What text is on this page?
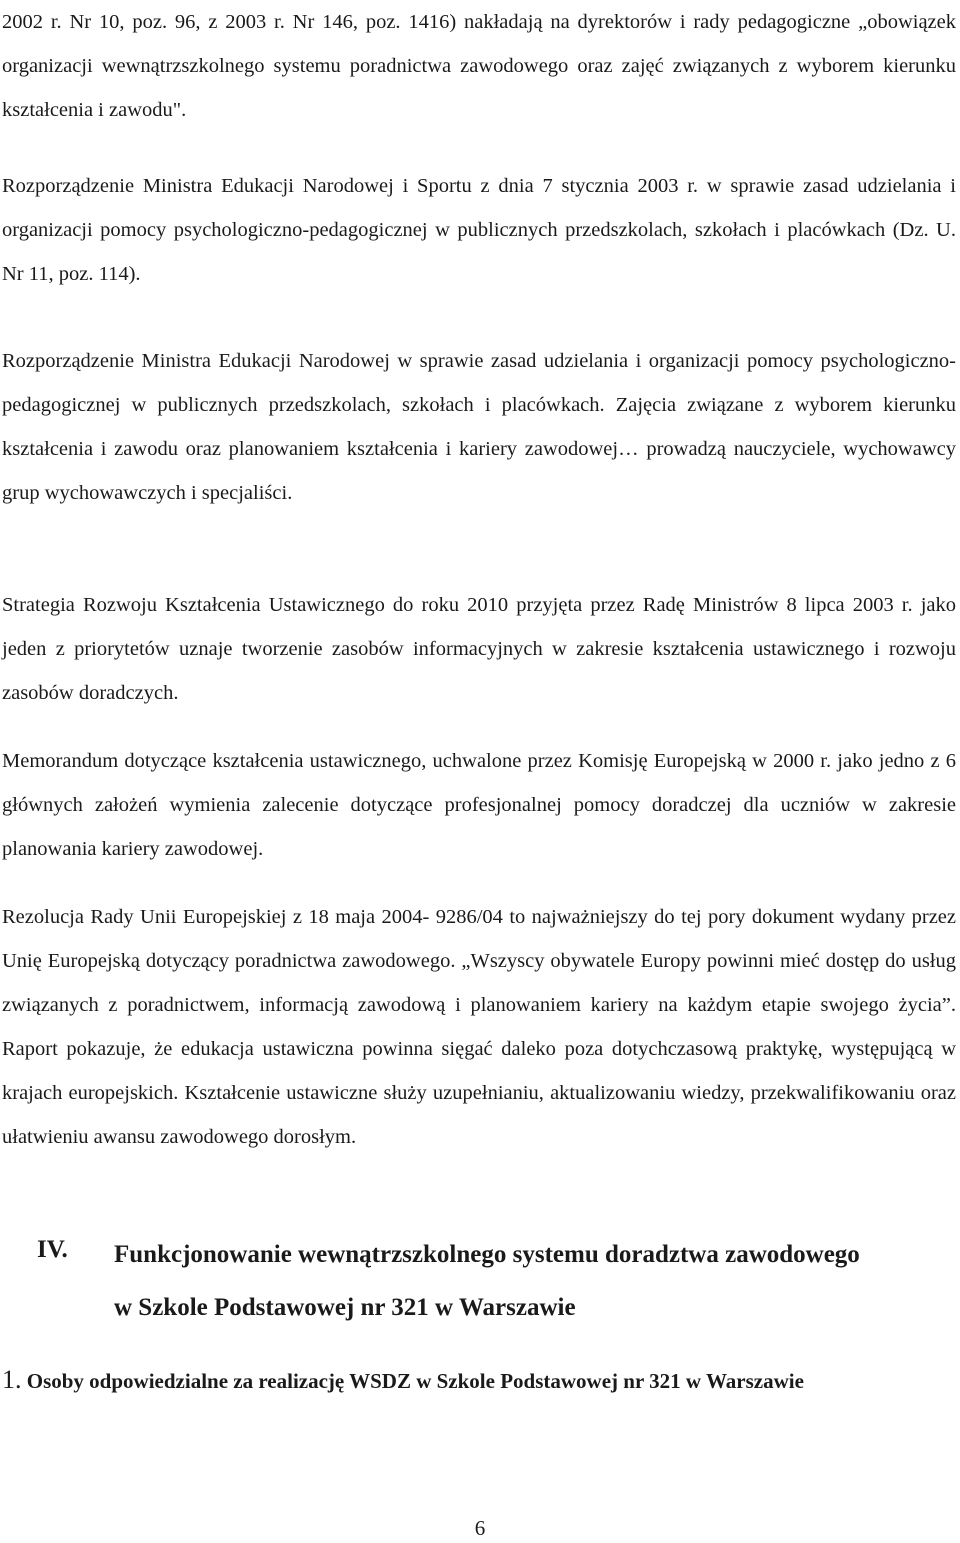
2002 r. Nr 10, poz. 96, z 2003 r. Nr 146, poz. 1416) nakładają na dyrektorów i rady pedagogiczne „obowiązek organizacji wewnątrzszkolnego systemu poradnictwa zawodowego oraz zajęć związanych z wyborem kierunku kształcenia i zawodu".

Rozporządzenie Ministra Edukacji Narodowej i Sportu z dnia 7 stycznia 2003 r. w sprawie zasad udzielania i organizacji pomocy psychologiczno-pedagogicznej w publicznych przedszkolach, szkołach i placówkach (Dz. U. Nr 11, poz. 114).

Rozporządzenie Ministra Edukacji Narodowej w sprawie zasad udzielania i organizacji pomocy psychologiczno-pedagogicznej w publicznych przedszkolach, szkołach i placówkach. Zajęcia związane z wyborem kierunku kształcenia i zawodu oraz planowaniem kształcenia i kariery zawodowej… prowadzą nauczyciele, wychowawcy grup wychowawczych i specjaliści.

Strategia Rozwoju Kształcenia Ustawicznego do roku 2010 przyjęta przez Radę Ministrów 8 lipca 2003 r. jako jeden z priorytetów uznaje tworzenie zasobów informacyjnych w zakresie kształcenia ustawicznego i rozwoju zasobów doradczych.

Memorandum dotyczące kształcenia ustawicznego, uchwalone przez Komisję Europejską w 2000 r. jako jedno z 6 głównych założeń wymienia zalecenie dotyczące profesjonalnej pomocy doradczej dla uczniów w zakresie planowania kariery zawodowej.

Rezolucja Rady Unii Europejskiej z 18 maja 2004- 9286/04 to najważniejszy do tej pory dokument wydany przez Unię Europejską dotyczący poradnictwa zawodowego. „Wszyscy obywatele Europy powinni mieć dostęp do usług związanych z poradnictwem, informacją zawodową i planowaniem kariery na każdym etapie swojego życia”. Raport pokazuje, że edukacja ustawiczna powinna sięgać daleko poza dotychczasową praktykę, występującą w krajach europejskich. Kształcenie ustawiczne służy uzupełnianiu, aktualizowaniu wiedzy, przekwalifikowaniu oraz ułatwieniu awansu zawodowego dorosłym.

IV. Funkcjonowanie wewnątrzszkolnego systemu doradztwa zawodowego w Szkole Podstawowej nr 321 w Warszawie
1. Osoby odpowiedzialne za realizację WSDZ w Szkole Podstawowej nr 321 w Warszawie
6
